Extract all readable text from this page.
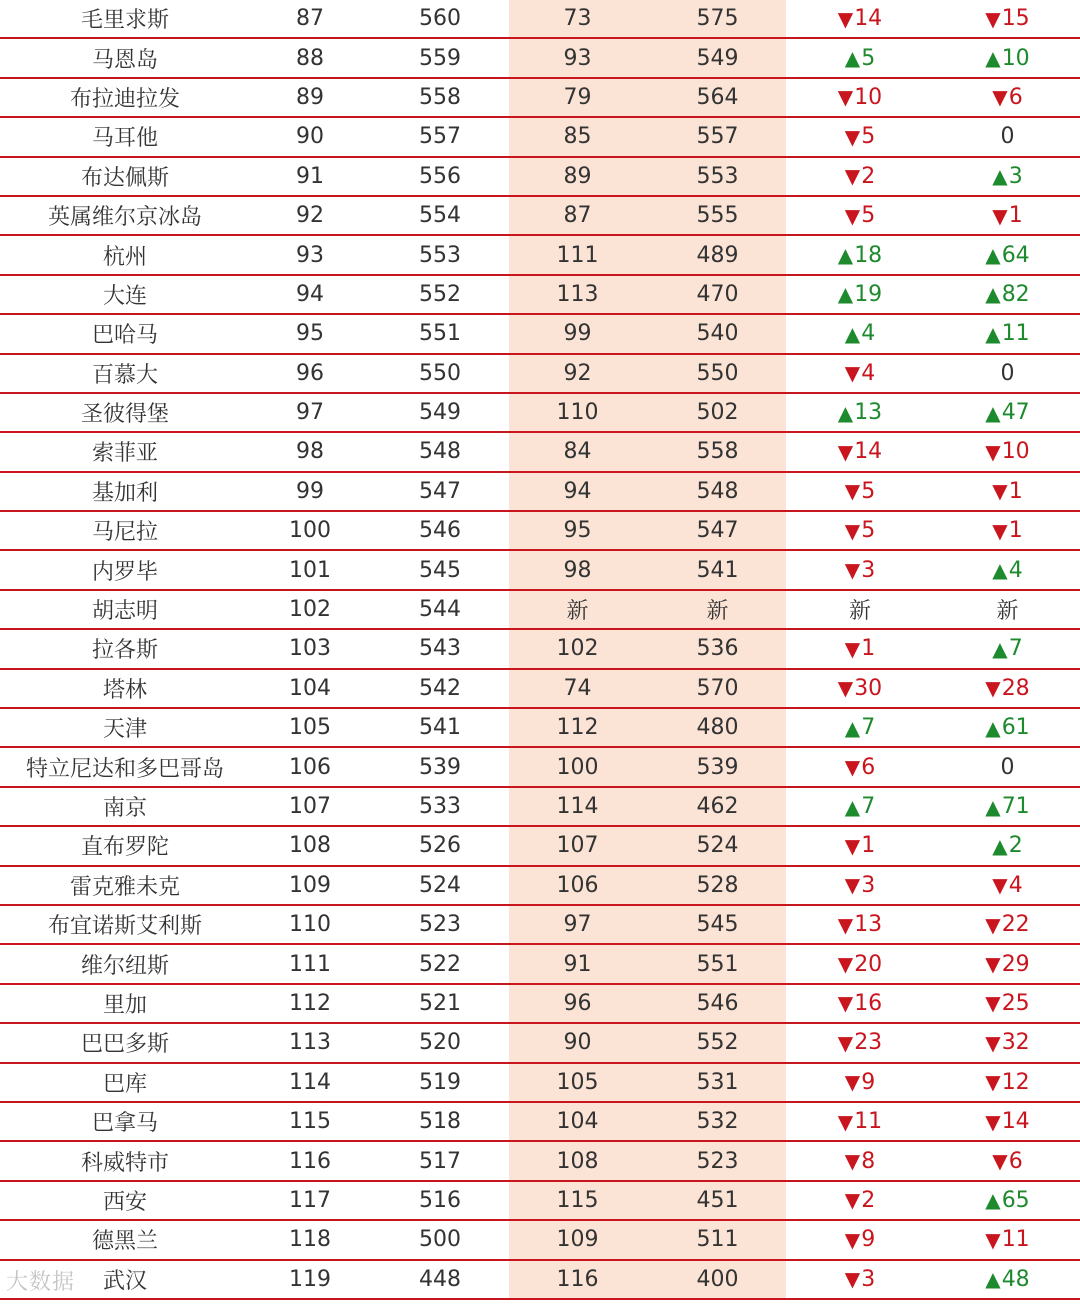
毛里求斯	87	560	73	575	▼ 14	▼ 15
马恩岛	88	559	93	549	▲ 5	▲ 10
布拉迪拉发	89	558	79	564	▼ 10	▼ 6
马耳他	90	557	85	557	▼ 5	0
布达佩斯	91	556	89	553	▼ 2	▲ 3
英属维尔京冰岛	92	554	87	555	▼ 5	▼ 1
杭州	93	553	111	489	▲ 18	▲ 64
大连	94	552	113	470	▲ 19	▲ 82
巴哈马	95	551	99	540	▲ 4	▲ 11
百慕大	96	550	92	550	▼ 4	0
圣彼得堡	97	549	110	502	▲ 13	▲ 47
索菲亚	98	548	84	558	▼ 14	▼ 10
基加利	99	547	94	548	▼ 5	▼ 1
马尼拉	100	546	95	547	▼ 5	▼ 1
内罗毕	101	545	98	541	▼ 3	▲ 4
胡志明	102	544	新	新	新	新
拉各斯	103	543	102	536	▼ 1	▲ 7
塔林	104	542	74	570	▼ 30	▼ 28
天津	105	541	112	480	▲ 7	▲ 61
特立尼达和多巴哥岛	106	539	100	539	▼ 6	0
南京	107	533	114	462	▲ 7	▲ 71
直布罗陀	108	526	107	524	▼ 1	▲ 2
雷克雅未克	109	524	106	528	▼ 3	▼ 4
布宜诺斯艾利斯	110	523	97	545	▼ 13	▼ 22
维尔纽斯	111	522	91	551	▼ 20	▼ 29
里加	112	521	96	546	▼ 16	▼ 25
巴巴多斯	113	520	90	552	▼ 23	▼ 32
巴库	114	519	105	531	▼ 9	▼ 12
巴拿马	115	518	104	532	▼ 11	▼ 14
科威特市	116	517	108	523	▼ 8	▼ 6
西安	117	516	115	451	▼ 2	▲ 65
德黑兰	118	500	109	511	▼ 9	▼ 11
武汉	119	448	116	400	▼ 3	▲ 48
大数据
